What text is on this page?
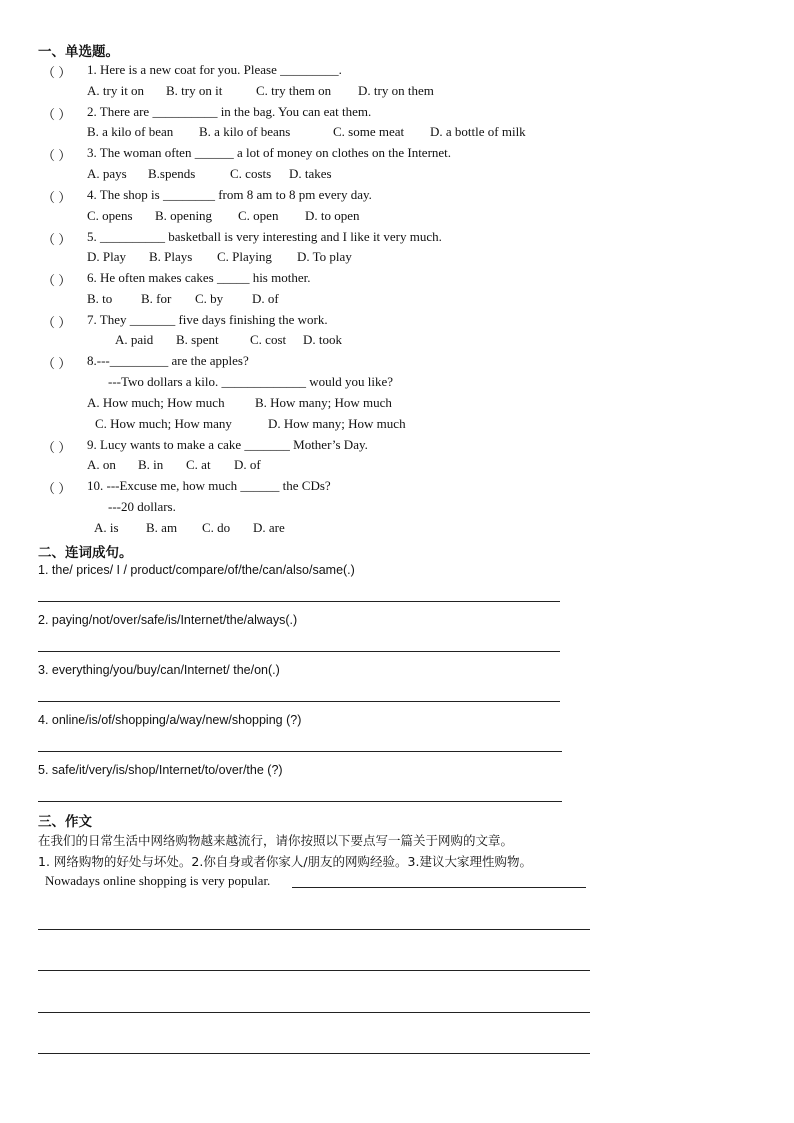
一、单选题。
（ ） 1. Here is a new coat for you. Please _________.
A. try it on B. try on it	C. try them on D. try on them
（ ） 2. There are __________ in the bag. You can eat them.
B. a kilo of bean B. a kilo of beans	C. some meat D. a bottle of milk
（ ） 3. The woman often ______ a lot of money on clothes on the Internet.
A. pays B.spends	C. costs D. takes
（ ） 4. The shop is ________ from 8 am to 8 pm every day.
C. opens B. opening C. open D. to open
（ ） 5. __________ basketball is very interesting and I like it very much.
D. Play B. Plays C. Playing D. To play
（ ） 6. He often makes cakes _____ his mother.
B. to B. for C. by D. of
（ ） 7. They _______ five days finishing the work.
A. paid B. spent C. cost D. took
（ ） 8.---_________ are the apples?
---Two dollars a kilo. _____________ would you like?
A. How much; How much B. How many; How much
C. How much; How many	D. How many; How much
（ ） 9. Lucy wants to make a cake _______ Mother’s Day.
A. on B. in C. at D. of
（ ） 10. ---Excuse me, how much ______ the CDs?
---20 dollars.
A. is B. am C. do D. are
二、连词成句。
1. the/ prices/ I / product/compare/of/the/can/also/same(.)
2. paying/not/over/safe/is/Internet/the/always(.)
3. everything/you/buy/can/Internet/ the/on(.)
4. online/is/of/shopping/a/way/new/shopping (?)
5. safe/it/very/is/shop/Internet/to/over/the (?)
三、作文
在我们的日常生活中网络购物越来越流行，请你按照以下要点写一篇关于网购的文章。
1. 网络购物的好处与坏处。2.你自身或者你家人/朋友的网购经验。3.建议大家理性购物。
Nowadays online shopping is very popular.
